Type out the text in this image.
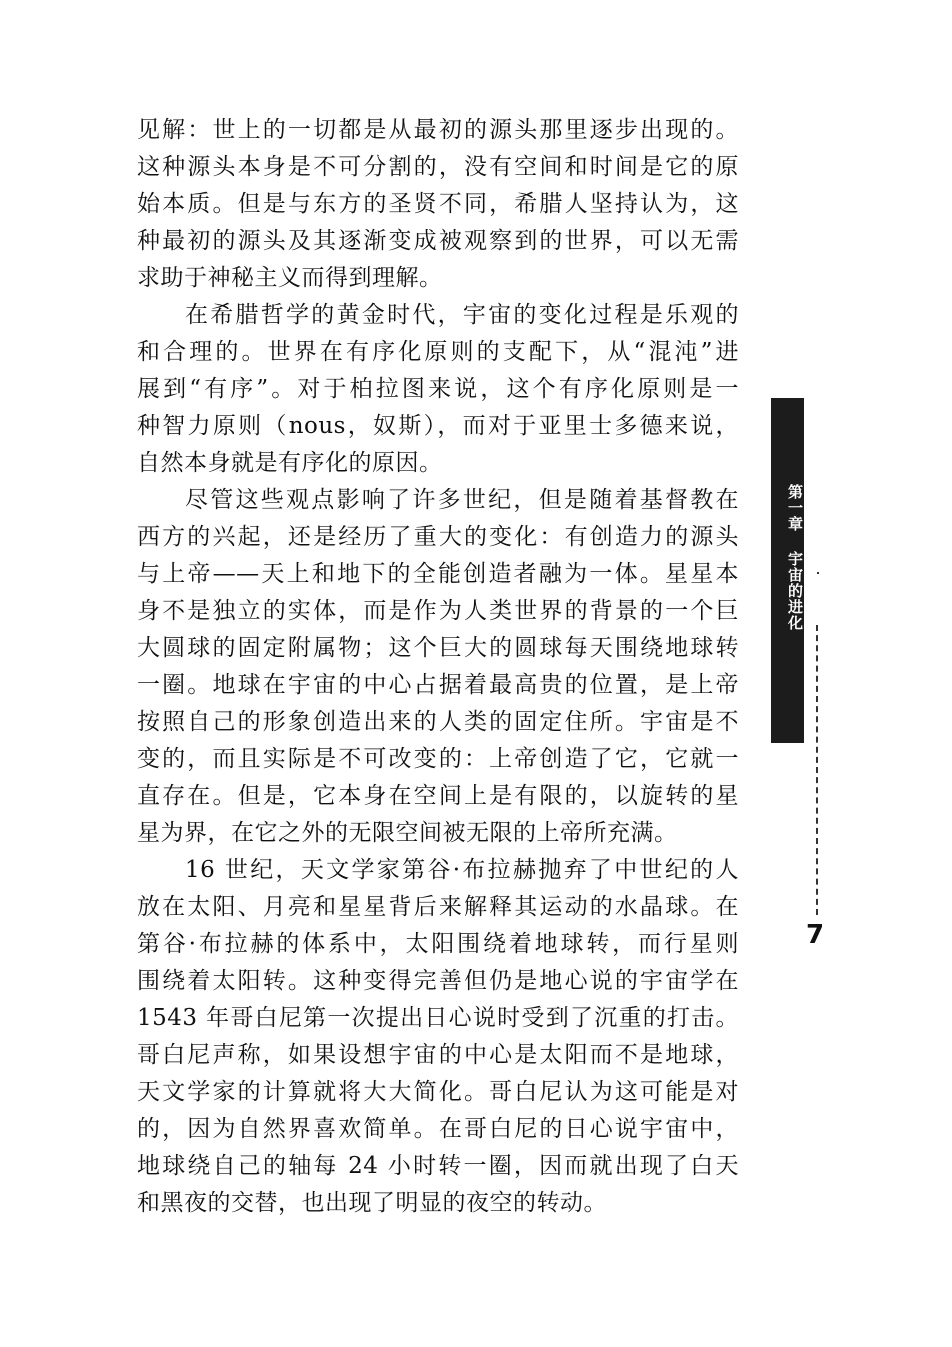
见解：世上的一切都是从最初的源头那里逐步出现的。
这种源头本身是不可分割的，没有空间和时间是它的原
始本质。但是与东方的圣贤不同，希腊人坚持认为，这
种最初的源头及其逐渐变成被观察到的世界，可以无需
求助于神秘主义而得到理解。
在希腊哲学的黄金时代，宇宙的变化过程是乐观的
和合理的。世界在有序化原则的支配下，从“混沌”进
展到“有序”。对于柏拉图来说，这个有序化原则是一
种智力原则（nous，奴斯），而对于亚里士多德来说，
自然本身就是有序化的原因。
尽管这些观点影响了许多世纪，但是随着基督教在
西方的兴起，还是经历了重大的变化：有创造力的源头
与上帝——天上和地下的全能创造者融为一体。星星本
身不是独立的实体，而是作为人类世界的背景的一个巨
大圆球的固定附属物；这个巨大的圆球每天围绕地球转
一圈。地球在宇宙的中心占据着最高贵的位置，是上帝
按照自己的形象创造出来的人类的固定住所。宇宙是不
变的，而且实际是不可改变的：上帝创造了它，它就一
直存在。但是，它本身在空间上是有限的，以旋转的星
星为界，在它之外的无限空间被无限的上帝所充满。
16 世纪，天文学家第谷·布拉赫抛弃了中世纪的人
放在太阳、月亮和星星背后来解释其运动的水晶球。在
第谷·布拉赫的体系中，太阳围绕着地球转，而行星则
围绕着太阳转。这种变得完善但仍是地心说的宇宙学在
1543 年哥白尼第一次提出日心说时受到了沉重的打击。
哥白尼声称，如果设想宇宙的中心是太阳而不是地球，
天文学家的计算就将大大简化。哥白尼认为这可能是对
的，因为自然界喜欢简单。在哥白尼的日心说宇宙中，
地球绕自己的轴每 24 小时转一圈，因而就出现了白天
和黑夜的交替，也出现了明显的夜空的转动。
第一章 宇宙的进化
7
